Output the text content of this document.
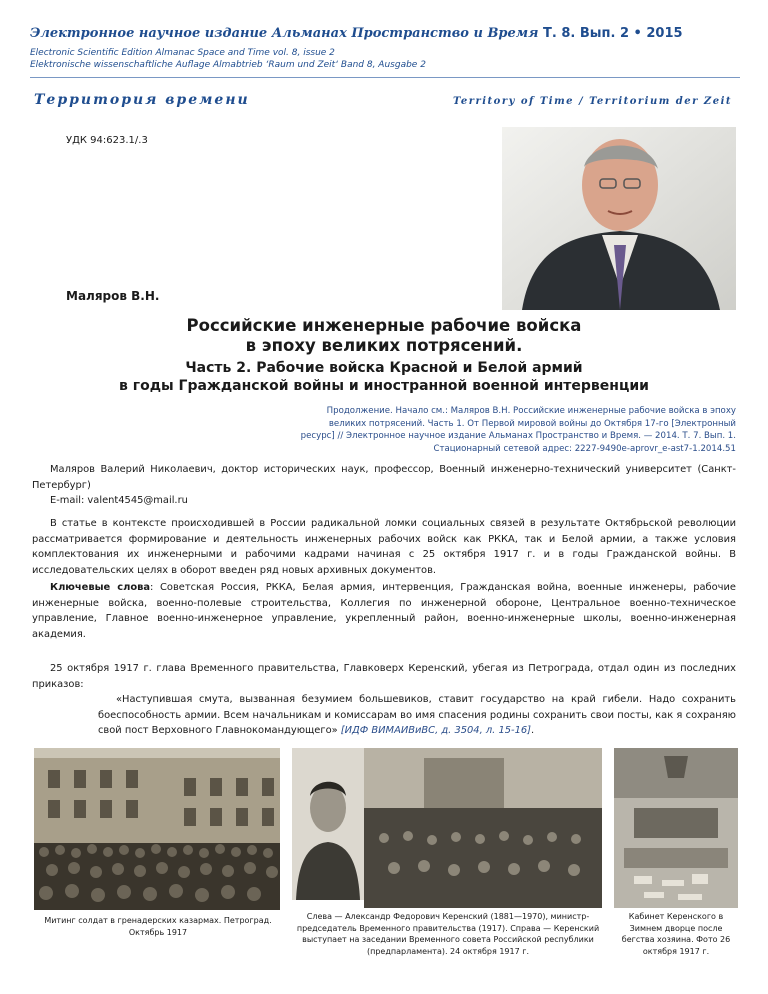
Электронное научное издание Альманах Пространство и Время Т. 8. Вып. 2 • 2015
Electronic Scientific Edition Almanac Space and Time vol. 8, issue 2
Elektronische wissenschaftliche Auflage Almabtrieb ‘Raum und Zeit‘ Band 8, Ausgabe 2
Территория времени	Territory of Time / Territorium der Zeit
УДК 94:623.1/.3
Маляров В.Н.
Российские инженерные рабочие войска
в эпоху великих потрясений.
Часть 2. Рабочие войска Красной и Белой армий
в годы Гражданской войны и иностранной военной интервенции
Продолжение. Начало см.: Маляров В.Н. Российские инженерные рабочие войска в эпоху великих потрясений. Часть 1. От Первой мировой войны до Октября 17-го [Электронный ресурс] // Электронное научное издание Альманах Пространство и Время. — 2014. Т. 7. Вып. 1. Стационарный сетевой адрес: 2227-9490e-aprovr_e-ast7-1.2014.51
Маляров Валерий Николаевич, доктор исторических наук, профессор, Военный инженерно-технический университет (Санкт-Петербург)
E-mail: valent4545@mail.ru
В статье в контексте происходившей в России радикальной ломки социальных связей в результате Октябрьской революции рассматривается формирование и деятельность инженерных рабочих войск как РККА, так и Белой армии, а также условия комплектования их инженерными и рабочими кадрами начиная с 25 октября 1917 г. и в годы Гражданской войны. В исследовательских целях в оборот введен ряд новых архивных документов.
Ключевые слова: Советская Россия, РККА, Белая армия, интервенция, Гражданская война, военные инженеры, рабочие инженерные войска, военно-полевые строительства, Коллегия по инженерной обороне, Центральное военно-техническое управление, Главное военно-инженерное управление, укрепленный район, военно-инженерные школы, военно-инженерная академия.
25 октября 1917 г. глава Временного правительства, Главковерх Керенский, убегая из Петрограда, отдал один из последних приказов:
«Наступившая смута, вызванная безумием большевиков, ставит государство на край гибели. Надо сохранить боеспособность армии. Всем начальникам и комиссарам во имя спасения родины сохранить свои посты, как я сохраняю свой пост Верховного Главнокомандующего» [ИДФ ВИМАИВиВС, д. 3504, л. 15-16].
Митинг солдат в гренадерских казармах. Петроград. Октябрь 1917
Слева — Александр Федорович Керенский (1881—1970), министр-председатель Временного правительства (1917). Справа — Керенский выступает на заседании Временного совета Российской республики (предпарламента). 24 октября 1917 г.
Кабинет Керенского в Зимнем дворце после бегства хозяина. Фото 26 октября 1917 г.
